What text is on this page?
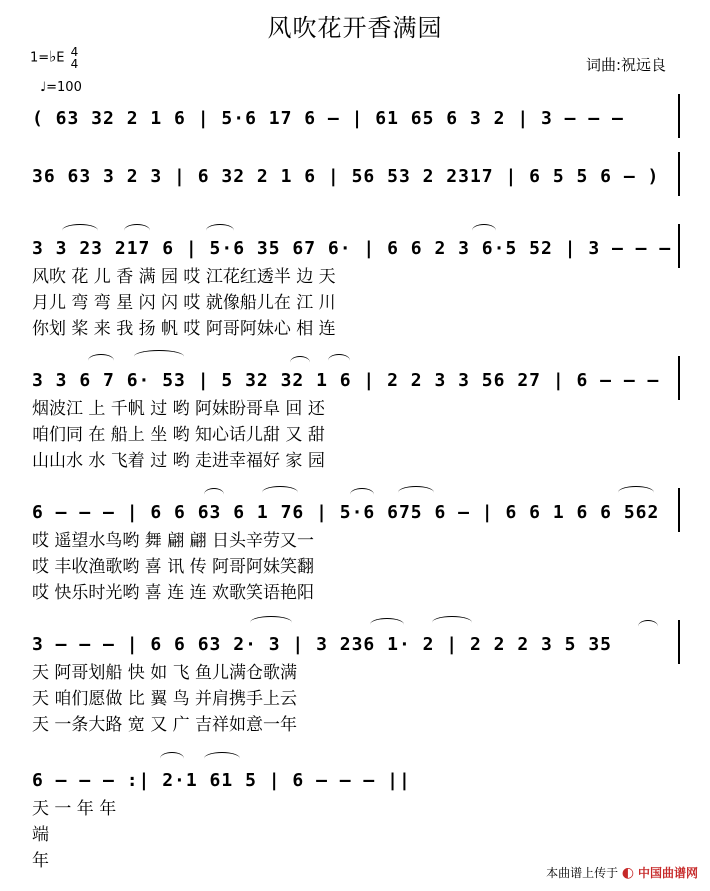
风吹花开香满园
1=♭E 4
4
♩=100
词曲:祝远良
( 63 32 2 1 6 | 5·6 17 6 – | 61 65 6 3 2 | 3 – – –
36 63 3 2 3 | 6 32 2 1 6 | 56 53 2 2317 | 6 5 5 6 – )
3 3 23 217 6 | 5·6 35 67 6· | 6 6 2 3 6·5 52 | 3 – – –
风吹 花 儿 香 满 园 哎 江花红透半 边 天
月儿 弯 弯 星 闪 闪 哎 就像船儿在 江 川
你划 桨 来 我 扬 帆 哎 阿哥阿妹心 相 连
3 3 6 7 6· 53 | 5 32 32 1 6 | 2 2 3 3 56 27 | 6 – – –
烟波江 上 千帆 过 哟 阿妹盼哥阜 回 还
咱们同 在 船上 坐 哟 知心话儿甜 又 甜
山山水 水 飞着 过 哟 走进幸福好 家 园
6 – – – | 6 6 63 6 1 76 | 5·6 675 6 – | 6 6 1 6 6 562
哎 遥望水鸟哟 舞 翩 翩 日头辛劳又一
哎 丰收渔歌哟 喜 讯 传 阿哥阿妹笑翻
哎 快乐时光哟 喜 连 连 欢歌笑语艳阳
3 – – – | 6 6 63 2· 3 | 3 236 1· 2 | 2 2 2 3 5 35
天 阿哥划船 快 如 飞 鱼儿满仓歌满
天 咱们愿做 比 翼 鸟 并肩携手上云
天 一条大路 宽 又 广 吉祥如意一年
6 – – – :| 2·1 61 5 | 6 – – – ||
天 一 年 年
端
年
本曲谱上传于 ◐ 中国曲谱网
